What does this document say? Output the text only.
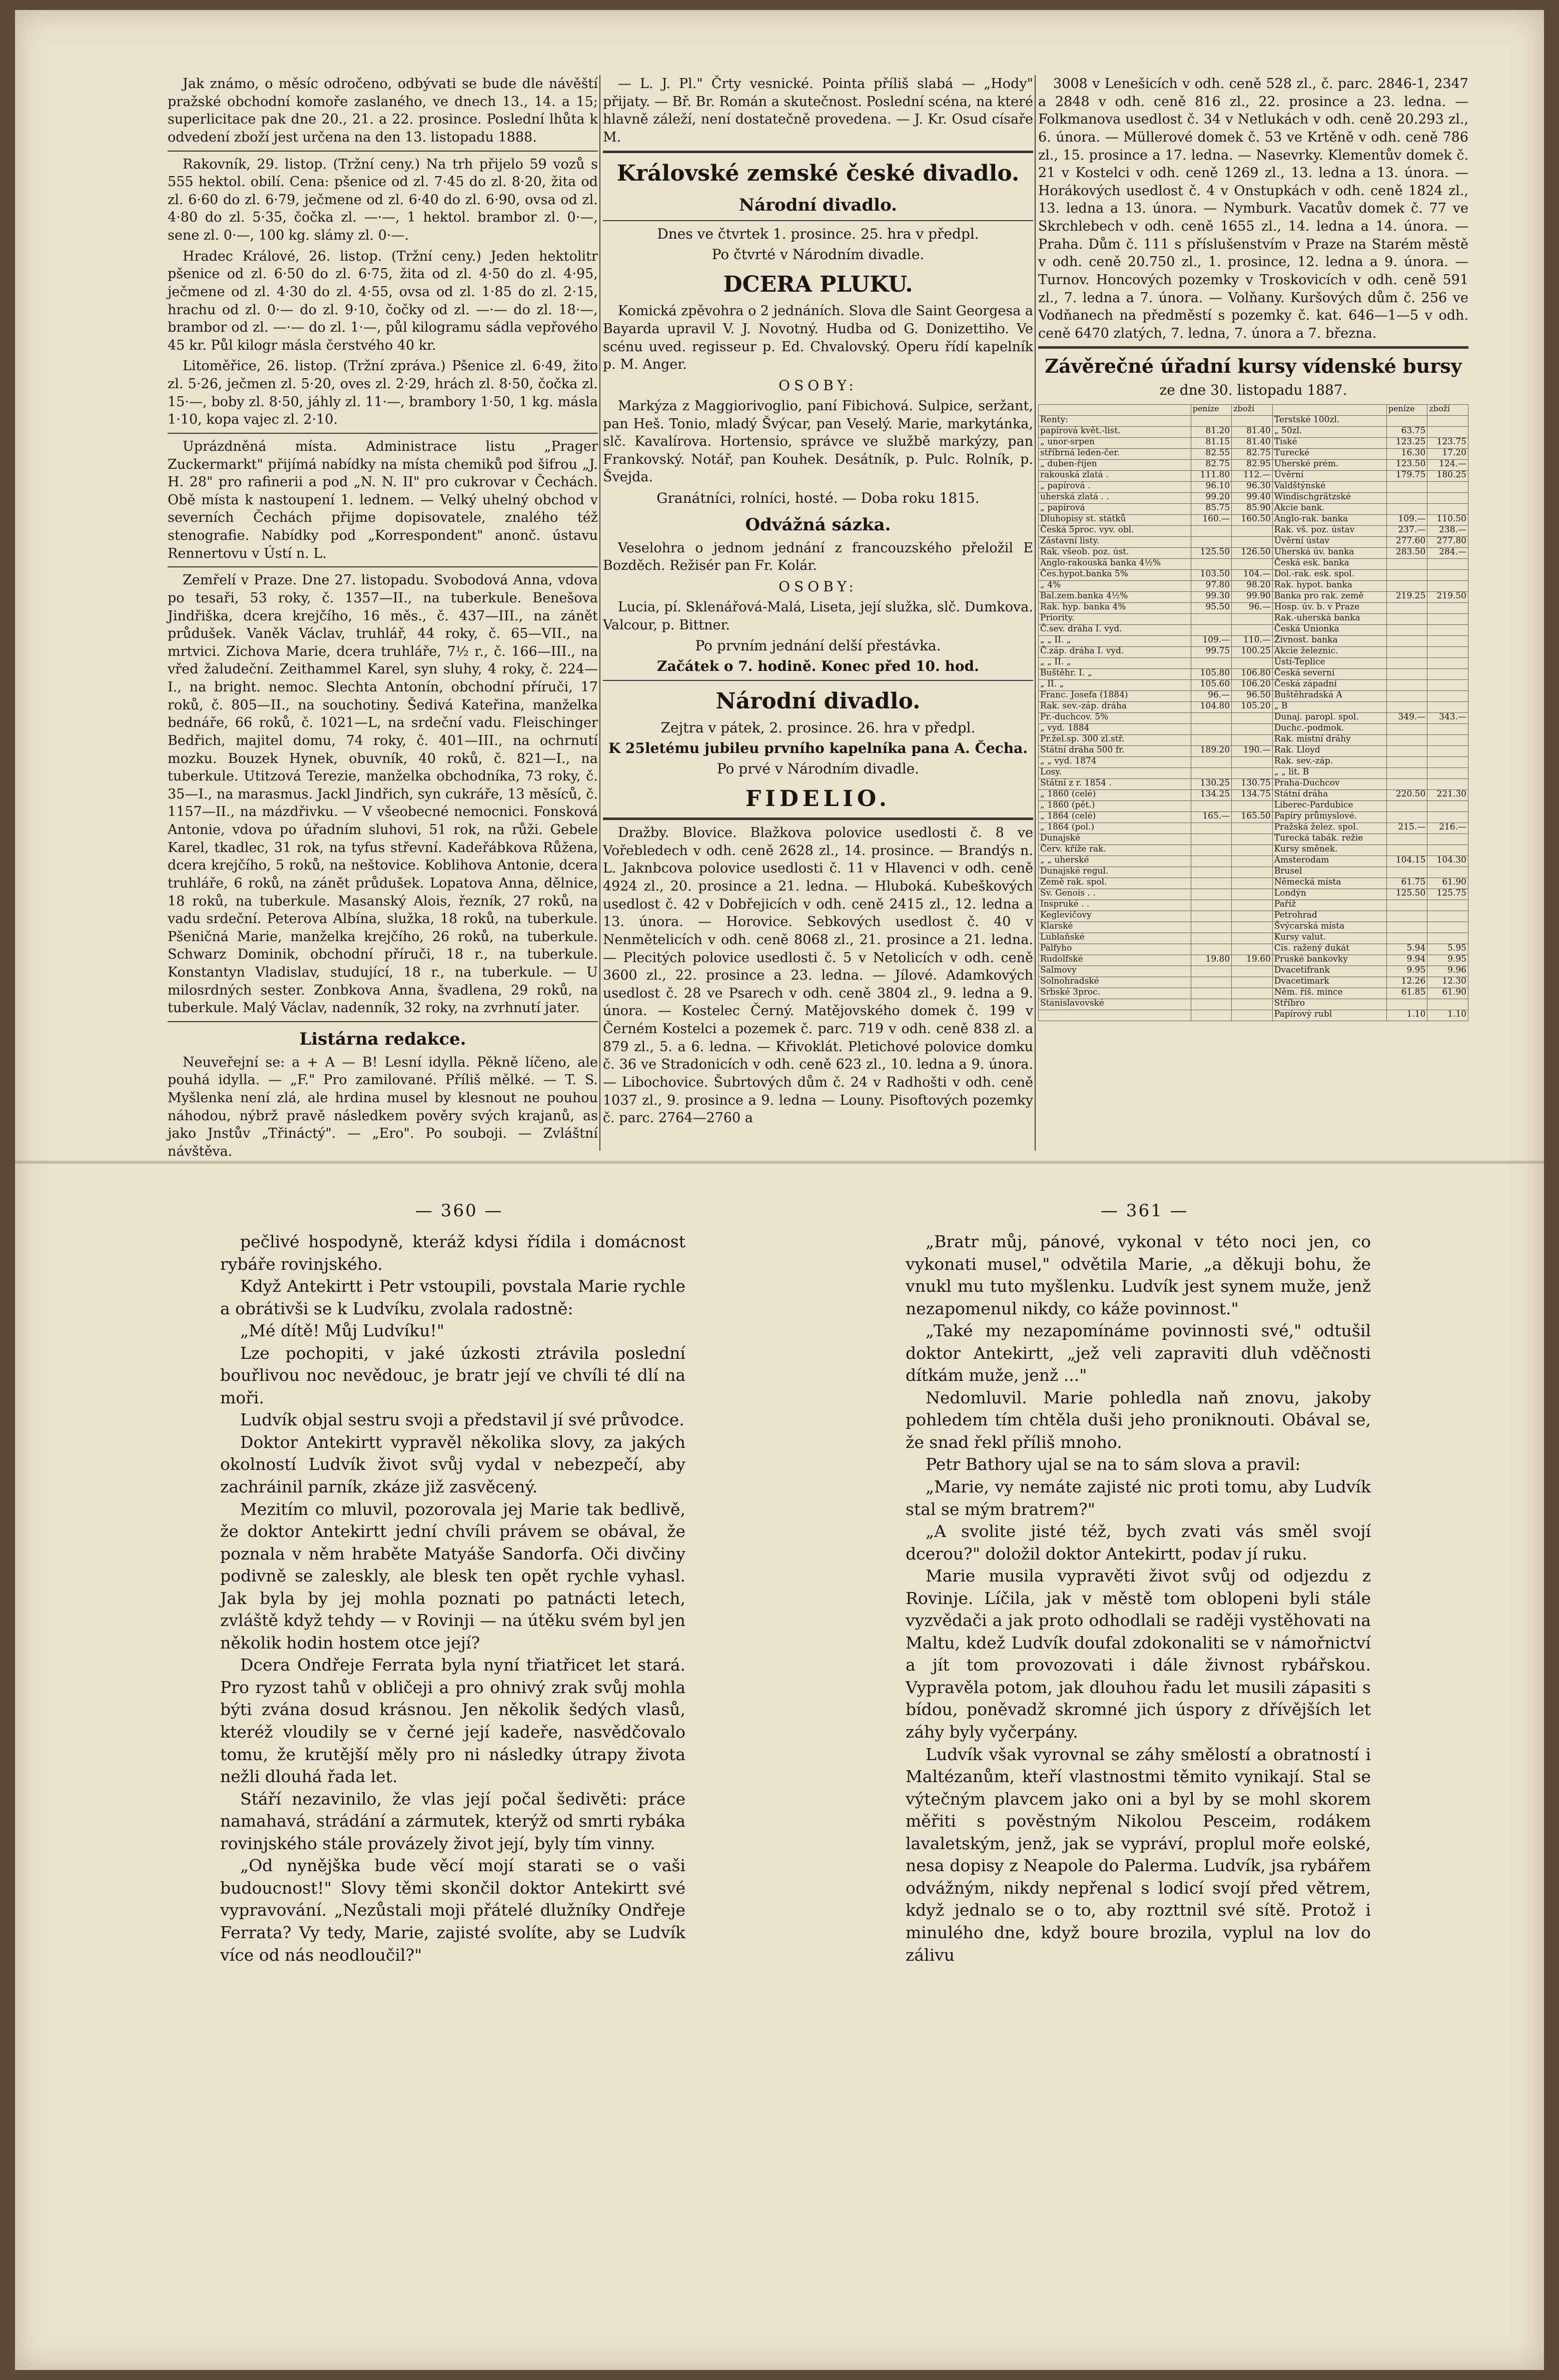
Jak známo, o měsíc odročeno, odbývati se bude dle návěští pražské obchodní komoře zaslaného, ve dnech 13., 14. a 15; superlicitace pak dne 20., 21. a 22. prosince. Poslední lhůta k odvedení zboží jest určena na den 13. listopadu 1888.

Rakovník, 29. listop. (Tržní ceny.) Na trh přijelo 59 vozů s 555 hektol. obilí. Cena: pšenice od zl. 7·45 do zl. 8·20, žita od zl. 6·60 do zl. 6·79, ječmene od zl. 6·40 do zl. 6·90, ovsa od zl. 4·80 do zl. 5·35, čočka zl. —·—, 1 hektol. brambor zl. 0·—, sene zl. 0·—, 100 kg. slámy zl. 0·—.

Hradec Králové, 26. listop. (Tržní ceny.) Jeden hektolitr pšenice od zl. 6·50 do zl. 6·75, žita od zl. 4·50 do zl. 4·95, ječmene od zl. 4·30 do zl. 4·55, ovsa od zl. 1·85 do zl. 2·15, hrachu od zl. 0·— do zl. 9·10, čočky od zl. —·— do zl. 18·—, brambor od zl. —·— do zl. 1·—, půl kilogramu sádla vepřového 45 kr. Půl kilogr másla čerstvého 40 kr.

Litoměřice, 26. listop. (Tržní zpráva.) Pšenice zl. 6·49, žito zl. 5·26, ječmen zl. 5·20, oves zl. 2·29, hrách zl. 8·50, čočka zl. 15·—, boby zl. 8·50, jáhly zl. 11·—, brambory 1·50, 1 kg. másla 1·10, kopa vajec zl. 2·10.

Uprázdněná místa. Administrace listu „Prager Zuckermarkt" přijímá nabídky na místa chemiků pod šifrou „J. H. 28" pro rafinerii a pod „N. N. II" pro cukrovar v Čechách. Obě místa k nastoupení 1. lednem. — Velký uhelný obchod v severních Čechách přijme dopisovatele, znalého též stenografie. Nabídky pod „Korrespondent" anonč. ústavu Rennertovu v Ústí n. L.

Zemřelí v Praze. Dne 27. listopadu. Svobodová Anna, vdova po tesaři, 53 roky, č. 1357—II., na tuberkule. Benešova Jindřiška, dcera krejčího, 16 měs., č. 437—III., na zánět průdušek. Vaněk Václav, truhlář, 44 roky, č. 65—VII., na mrtvici. Zichova Marie, dcera truhláře, 7½ r., č. 166—III., na vřed žaludeční. Zeithammel Karel, syn sluhy, 4 roky, č. 224—I., na bright. nemoc. Slechta Antonín, obchodní příruči, 17 roků, č. 805—II., na souchotiny. Šedivá Kateřina, manželka bednáře, 66 roků, č. 1021—L, na srdeční vadu. Fleischinger Bedřich, majitel domu, 74 roky, č. 401—III., na ochrnutí mozku. Bouzek Hynek, obuvník, 40 roků, č. 821—I., na tuberkule. Utitzová Terezie, manželka obchodníka, 73 roky, č. 35—I., na marasmus. Jackl Jindřich, syn cukráře, 13 měsíců, č. 1157—II., na mázdřivku. — V všeobecné nemocnici. Fonsková Antonie, vdova po úřadním sluhovi, 51 rok, na růži. Gebele Karel, tkadlec, 31 rok, na tyfus střevní. Kadeřábkova Růžena, dcera krejčího, 5 roků, na neštovice. Koblihova Antonie, dcera truhláře, 6 roků, na zánět průdušek. Lopatova Anna, dělnice, 18 roků, na tuberkule. Masanský Alois, řezník, 27 roků, na vadu srdeční. Peterova Albína, služka, 18 roků, na tuberkule. Pšeničná Marie, manželka krejčího, 26 roků, na tuberkule. Schwarz Dominik, obchodní příruči, 18 r., na tuberkule. Konstantyn Vladislav, studující, 18 r., na tuberkule. — U milosrdných sester. Zonbkova Anna, švadlena, 29 roků, na tuberkule. Malý Václav, nadenník, 32 roky, na zvrhnutí jater.

Listárna redakce.

Neuveřejní se: a + A — B! Lesní idylla. Pěkně líčeno, ale pouhá idylla. — „F." Pro zamilované. Příliš mělké. — T. S. Myšlenka není zlá, ale hrdina musel by klesnout ne pouhou náhodou, nýbrž pravě následkem pověry svých krajanů, as jako Jnstův „Třináctý". — „Ero". Po souboji. — Zvláštní návštěva.

— L. J. Pl." Črty vesnické. Pointa příliš slabá — „Hody" přijaty. — Bř. Br. Román a skutečnost. Poslední scéna, na které hlavně záleží, není dostatečně provedena. — J. Kr. Osud císaře M.

Královské zemské české divadlo.
Národní divadlo.
Dnes ve čtvrtek 1. prosince. 25. hra v předpl.
Po čtvrté v Národním divadle.
DCERA PLUKU.

Komická zpěvohra o 2 jednáních. Slova dle Saint Georgesa a Bayarda upravil V. J. Novotný. Hudba od G. Donizettiho. Ve scénu uved. regisseur p. Ed. Chvalovský. Operu řídí kapelník p. M. Anger.

OSOBY:

Markýza z Maggiorivoglio, paní Fibichová. Sulpice, seržant, pan Heš. Tonio, mladý Švýcar, pan Veselý. Marie, markytánka, slč. Kavalírova. Hortensio, správce ve službě markýzy, pan Frankovský. Notář, pan Kouhek. Desátník, p. Pulc. Rolník, p. Švejda.

Granátníci, rolníci, hosté. — Doba roku 1815.
Odvážná sázka.

Veselohra o jednom jednání z francouzského přeložil E Bozděch. Režisér pan Fr. Kolár.

OSOBY:

Lucia, pí. Sklenářová-Malá, Liseta, její služka, slč. Dumkova. Valcour, p. Bittner.

Po prvním jednání delší přestávka.
Začátek o 7. hodině. Konec před 10. hod.
Národní divadlo.
Zejtra v pátek, 2. prosince. 26. hra v předpl.
K 25letému jubileu prvního kapelníka pana A. Čecha.
Po prvé v Národním divadle.
FIDELIO.

Dražby. Blovice. Blažkova polovice usedlosti č. 8 ve Vořebledech v odh. ceně 2628 zl., 14. prosince. — Brandýs n. L. Jaknbcova polovice usedlosti č. 11 v Hlavenci v odh. ceně 4924 zl., 20. prosince a 21. ledna. — Hluboká. Kubeškových usedlost č. 42 v Dobřejicích v odh. ceně 2415 zl., 12. ledna a 13. února. — Horovice. Sebkových usedlost č. 40 v Nenmětelicích v odh. ceně 8068 zl., 21. prosince a 21. ledna. — Plecitých polovice usedlosti č. 5 v Netolicích v odh. ceně 3600 zl., 22. prosince a 23. ledna. — Jílové. Adamkových usedlost č. 28 ve Psarech v odh. ceně 3804 zl., 9. ledna a 9. února. — Kostelec Černý. Matějovského domek č. 199 v Černém Kostelci a pozemek č. parc. 719 v odh. ceně 838 zl. a 879 zl., 5. a 6. ledna. — Křivoklát. Pletichové polovice domku č. 36 ve Stradonicích v odh. ceně 623 zl., 10. ledna a 9. února. — Libochovice. Šubrtových dům č. 24 v Radhošti v odh. ceně 1037 zl., 9. prosince a 9. ledna — Louny. Pisoftových pozemky č. parc. 2764—2760 a

3008 v Lenešicích v odh. ceně 528 zl., č. parc. 2846-1, 2347 a 2848 v odh. ceně 816 zl., 22. prosince a 23. ledna. — Folkmanova usedlost č. 34 v Netlukách v odh. ceně 20.293 zl., 6. února. — Müllerové domek č. 53 ve Krtěně v odh. ceně 786 zl., 15. prosince a 17. ledna. — Nasevrky. Klementův domek č. 21 v Kostelci v odh. ceně 1269 zl., 13. ledna a 13. února. — Horákových usedlost č. 4 v Onstupkách v odh. ceně 1824 zl., 13. ledna a 13. února. — Nymburk. Vacatův domek č. 77 ve Skrchlebech v odh. ceně 1655 zl., 14. ledna a 14. února. — Praha. Dům č. 111 s příslušenstvím v Praze na Starém městě v odh. ceně 20.750 zl., 1. prosince, 12. ledna a 9. února. — Turnov. Honcových pozemky v Troskovicích v odh. ceně 591 zl., 7. ledna a 7. února. — Volňany. Kuršových dům č. 256 ve Vodňanech na předměstí s pozemky č. kat. 646—1—5 v odh. ceně 6470 zlatých, 7. ledna, 7. února a 7. března.

Závěrečné úřadní kursy vídenské bursy
ze dne 30. listopadu 1887.
	peníze	zboží		peníze	zboží
Renty:			Terstské 100zl.		
papírová květ.-list.	81.20	81.40	„ 50zl.	63.75	
„ unor-srpen	81.15	81.40	Tiské	123.25	123.75
stříbrná leden-čer.	82.55	82.75	Turecké	16.30	17.20
„ duben-říjen	82.75	82.95	Uherské prém.	123.50	124.—
rakouská zlatá .	111.80	112.—	Úvěrní	179.75	180.25
„ papírová .	96.10	96.30	Valdštýnské		
uherská zlatá . .	99.20	99.40	Windischgrätzské		
„ papírová	85.75	85.90	Akcie bank.		
Dluhopisy st. státků	160.—	160.50	Anglo-rak. banka	109.—	110.50
Česká 5proc. vyv. obl.			Rak. vš. poz. ústav	237.—	238.—
Zástavní listy.			Úvěrní ústav	277.60	277.80
Rak. všeob. poz. úst.	125.50	126.50	Uherská úv. banka	283.50	284.—
Anglo-rakouská banka 4½%			Česká esk. banka		
Čes.hypot.banka 5%	103.50	104.—	Dol.-rak. esk. spol.		
„ 4%	97.80	98.20	Rak. hypot. banka		
Bal.zem.banka 4½%	99.30	99.90	Banka pro rak. země	219.25	219.50
Rak. hyp. banka 4%	95.50	96.—	Hosp. úv. b. v Praze		
Priority.			Rak.-uherská banka		
Č.sev. dráha I. vyd.			Česká Unionka		
„ „ II. „	109.—	110.—	Živnost. banka		
Č.záp. dráha I. vyd.	99.75	100.25	Akcie železnic.		
„ „ II. „			Ústí-Teplice		
Buštěhr. I. „	105.80	106.80	Česká severní		
„ II. „	105.60	106.20	Česká západní		
Franc. Josefa (1884)	96.—	96.50	Buštěhradská A		
Rak. sev.-záp. dráha	104.80	105.20	„ B		
Pr.-duchcov. 5%			Dunaj. paropl. spol.	349.—	343.—
„ vyd. 1884			Duchc.-podmok.		
Pr.žel.sp. 300 zl.stř.			Rak. místní dráhy		
Státní dráha 500 fr.	189.20	190.—	Rak. Lloyd		
„ „ vyd. 1874			Rak. sev.-záp.		
Losy.			„ „ lit. B		
Státní z r. 1854 .	130.25	130.75	Praha-Duchcov		
„ 1860 (celé)	134.25	134.75	Státní dráha	220.50	221.30
„ 1860 (pět.)			Liberec-Pardubice		
„ 1864 (celé)	165.—	165.50	Papíry průmyslové.		
„ 1864 (pol.)			Pražská želez. spol.	215.—	216.—
Dunajské			Turecká tabák. režie		
Červ. kříže rak.			Kursy směnek.		
„ „ uherské			Amsterodam	104.15	104.30
Dunajské regul.			Brusel		
Země rak. spol.			Německá místa	61.75	61.90
Sv. Genois . .			Londýn	125.50	125.75
Inspruké . .			Paříž		
Keglevičovy			Petrohrad		
Klarské			Švýcarská místa		
Lublaňské			Kursy valut.		
Palfyho			Cís. ražený dukát	5.94	5.95
Rudolfské	19.80	19.60	Pruské bankovky	9.94	9.95
Salmovy			Dvacetifrank	9.95	9.96
Solnohradské			Dvacetimark	12.26	12.30
Srbské 3proc.			Něm. říš. mince	61.85	61.90
Stanislavovské			Stříbro		
			Papírový rubl	1.10	1.10
— 360 —	— 361 —

pečlivé hospodyně, kteráž kdysi řídila i domácnost rybáře rovinjského.

Když Antekirtt i Petr vstoupili, povstala Marie rychle a obrátivši se k Ludvíku, zvolala radostně:

„Mé dítě! Můj Ludvíku!"

Lze pochopiti, v jaké úzkosti ztrávila poslední bouřlivou noc nevědouc, je bratr její ve chvíli té dlí na moři.

Ludvík objal sestru svoji a představil jí své průvodce.

Doktor Antekirtt vypravěl několika slovy, za jakých okolností Ludvík život svůj vydal v nebezpečí, aby zachráinil parník, zkáze již zasvěcený.

Mezitím co mluvil, pozorovala jej Marie tak bedlivě, že doktor Antekirtt jední chvíli právem se obával, že poznala v něm hraběte Matyáše Sandorfa. Oči divčiny podivně se zaleskly, ale blesk ten opět rychle vyhasl. Jak byla by jej mohla poznati po patnácti letech, zvláště když tehdy — v Rovinji — na útěku svém byl jen několik hodin hostem otce její?

Dcera Ondřeje Ferrata byla nyní třiatřicet let stará. Pro ryzost tahů v obličeji a pro ohnivý zrak svůj mohla býti zvána dosud krásnou. Jen několik šedých vlasů, kteréž vloudily se v černé její kadeře, nasvědčovalo tomu, že krutější měly pro ni následky útrapy života nežli dlouhá řada let.

Stáří nezavinilo, že vlas její počal šedivěti: práce namahavá, strádání a zármutek, kterýž od smrti rybáka rovinjského stále provázely život její, byly tím vinny.

„Od nynějška bude věcí mojí starati se o vaši budoucnost!" Slovy těmi skončil doktor Antekirtt své vypravování. „Nezůstali moji přátelé dlužníky Ondřeje Ferrata? Vy tedy, Marie, zajisté svolíte, aby se Ludvík více od nás neodloučil?"

„Bratr můj, pánové, vykonal v této noci jen, co vykonati musel," odvětila Marie, „a děkuji bohu, že vnukl mu tuto myšlenku. Ludvík jest synem muže, jenž nezapomenul nikdy, co káže povinnost."

„Také my nezapomínáme povinnosti své," odtušil doktor Antekirtt, „jež veli zapraviti dluh vděčnosti dítkám muže, jenž ..."

Nedomluvil. Marie pohledla naň znovu, jakoby pohledem tím chtěla duši jeho proniknouti. Obával se, že snad řekl příliš mnoho.

Petr Bathory ujal se na to sám slova a pravil:

„Marie, vy nemáte zajisté nic proti tomu, aby Ludvík stal se mým bratrem?"

„A svolite jisté též, bych zvati vás směl svojí dcerou?" doložil doktor Antekirtt, podav jí ruku.

Marie musila vypravěti život svůj od odjezdu z Rovinje. Líčila, jak v městě tom oblopeni byli stále vyzvědači a jak proto odhodlali se raději vystěhovati na Maltu, kdež Ludvík doufal zdokonaliti se v námořnictví a jít tom provozovati i dále živnost rybářskou. Vypravěla potom, jak dlouhou řadu let musili zápasiti s bídou, poněvadž skromné jich úspory z dřívějších let záhy byly vyčerpány.

Ludvík však vyrovnal se záhy smělostí a obratností i Maltézanům, kteří vlastnostmi těmito vynikají. Stal se výtečným plavcem jako oni a byl by se mohl skorem měřiti s pověstným Nikolou Pesceim, rodákem lavaletským, jenž, jak se vypráví, proplul moře eolské, nesa dopisy z Neapole do Palerma. Ludvík, jsa rybářem odvážným, nikdy nepřenal s lodicí svojí před větrem, když jednalo se o to, aby rozttnil své sítě. Protož i minulého dne, když boure brozila, vyplul na lov do zálivu
